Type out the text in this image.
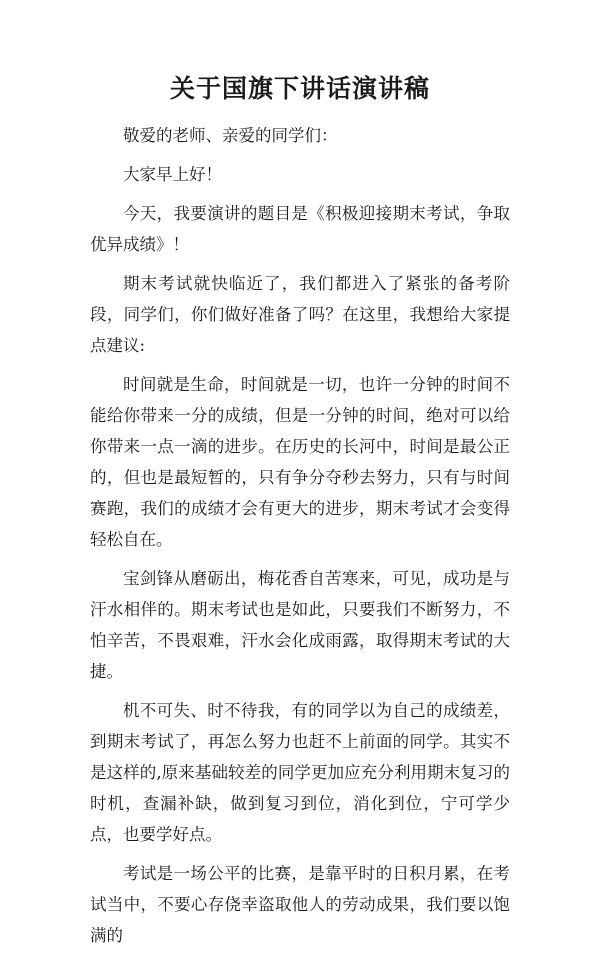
关于国旗下讲话演讲稿

敬爱的老师、亲爱的同学们：

大家早上好！

今天，我要演讲的题目是《积极迎接期末考试，争取优异成绩》！

期末考试就快临近了，我们都进入了紧张的备考阶段，同学们，你们做好准备了吗？在这里，我想给大家提点建议:

时间就是生命，时间就是一切，也许一分钟的时间不能给你带来一分的成绩，但是一分钟的时间，绝对可以给你带来一点一滴的进步。在历史的长河中，时间是最公正的，但也是最短暂的，只有争分夺秒去努力，只有与时间赛跑，我们的成绩才会有更大的进步，期末考试才会变得轻松自在。

宝剑锋从磨砺出，梅花香自苦寒来，可见，成功是与汗水相伴的。期末考试也是如此，只要我们不断努力，不怕辛苦，不畏艰难，汗水会化成雨露，取得期末考试的大捷。

机不可失、时不待我，有的同学以为自己的成绩差，到期末考试了，再怎么努力也赶不上前面的同学。其实不是这样的,原来基础较差的同学更加应充分利用期末复习的时机，查漏补缺，做到复习到位，消化到位，宁可学少点，也要学好点。

考试是一场公平的比赛，是靠平时的日积月累，在考试当中，不要心存侥幸盗取他人的劳动成果，我们要以饱满的
